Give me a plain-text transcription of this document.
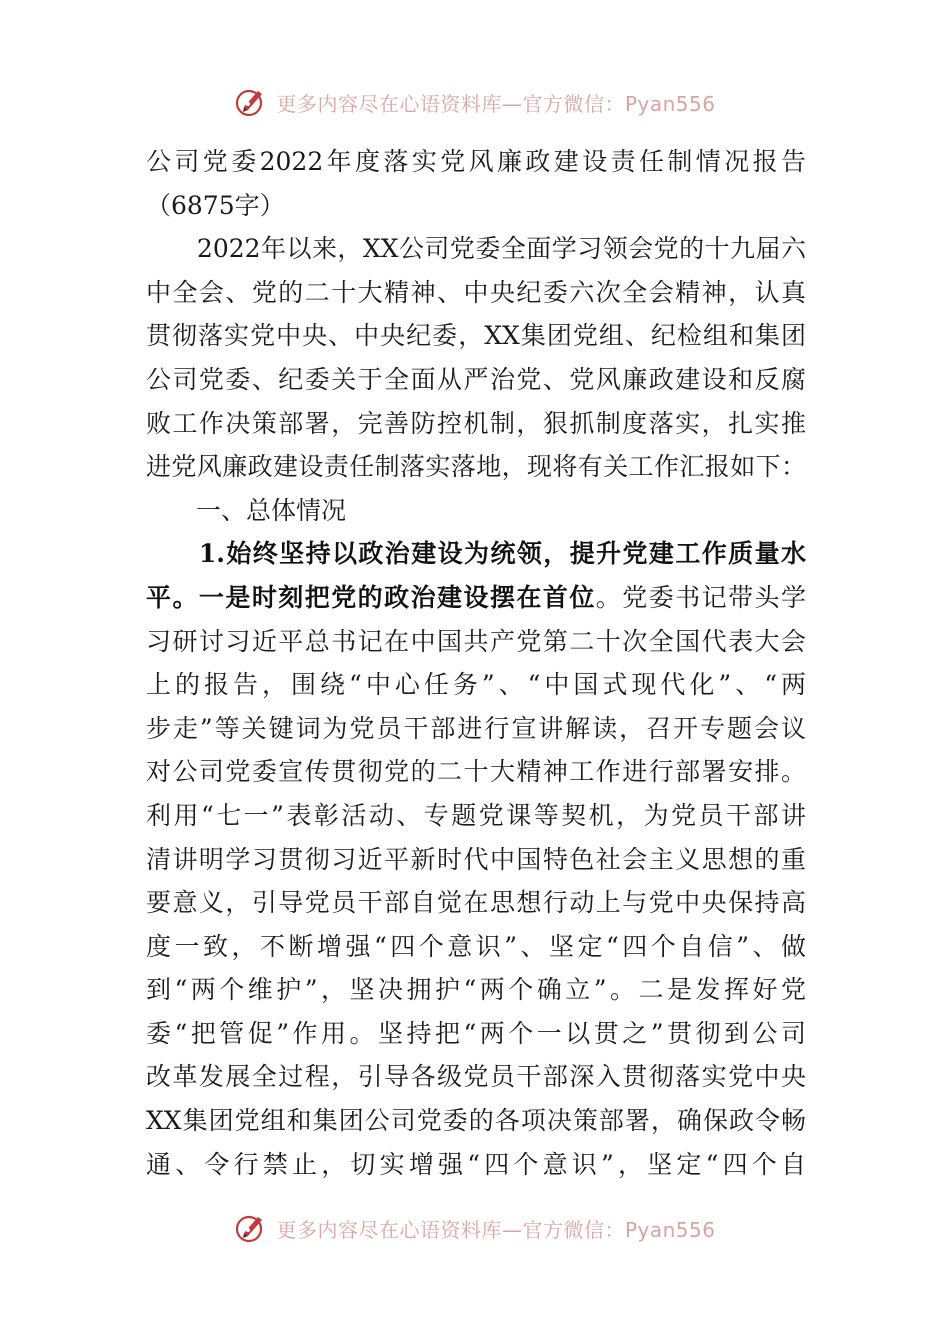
更多内容尽在心语资料库—官方微信：Pyan556
公司党委2022年度落实党风廉政建设责任制情况报告
（6875字）
　　2022年以来，XX公司党委全面学习领会党的十九届六
中全会、党的二十大精神、中央纪委六次全会精神，认真
贯彻落实党中央、中央纪委，XX集团党组、纪检组和集团
公司党委、纪委关于全面从严治党、党风廉政建设和反腐
败工作决策部署，完善防控机制，狠抓制度落实，扎实推
进党风廉政建设责任制落实落地，现将有关工作汇报如下：
　　一、总体情况
　　1.始终坚持以政治建设为统领，提升党建工作质量水
平。一是时刻把党的政治建设摆在首位。党委书记带头学
习研讨习近平总书记在中国共产党第二十次全国代表大会
上的报告，围绕“中心任务”、“中国式现代化”、“两
步走”等关键词为党员干部进行宣讲解读，召开专题会议
对公司党委宣传贯彻党的二十大精神工作进行部署安排。
利用“七一”表彰活动、专题党课等契机，为党员干部讲
清讲明学习贯彻习近平新时代中国特色社会主义思想的重
要意义，引导党员干部自觉在思想行动上与党中央保持高
度一致，不断增强“四个意识”、坚定“四个自信”、做
到“两个维护”，坚决拥护“两个确立”。二是发挥好党
委“把管促”作用。坚持把“两个一以贯之”贯彻到公司
改革发展全过程，引导各级党员干部深入贯彻落实党中央
XX集团党组和集团公司党委的各项决策部署，确保政令畅
通、令行禁止，切实增强“四个意识”，坚定“四个自
更多内容尽在心语资料库—官方微信：Pyan556
